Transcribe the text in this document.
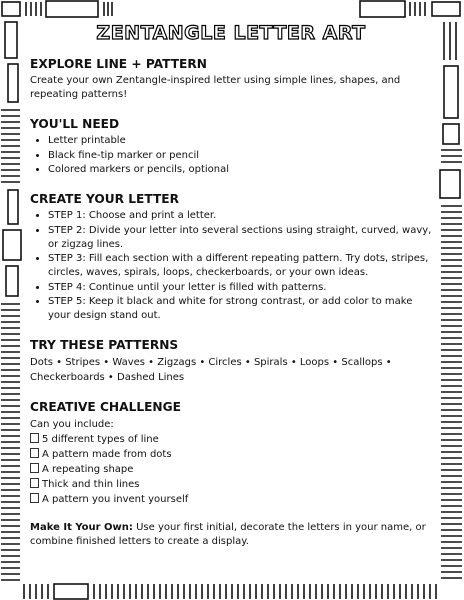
ZENTANGLE LETTER ART
EXPLORE LINE + PATTERN

Create your own Zentangle-inspired letter using simple lines, shapes, and repeating patterns!

YOU'LL NEED
• Letter printable
• Black fine-tip marker or pencil
• Colored markers or pencils, optional
CREATE YOUR LETTER
• STEP 1: Choose and print a letter.
• STEP 2: Divide your letter into several sections using straight, curved, wavy, or zigzag lines.
• STEP 3: Fill each section with a different repeating pattern. Try dots, stripes, circles, waves, spirals, loops, checkerboards, or your own ideas.
• STEP 4: Continue until your letter is filled with patterns.
• STEP 5: Keep it black and white for strong contrast, or add color to make your design stand out.
TRY THESE PATTERNS

Dots • Stripes • Waves • Zigzags • Circles • Spirals • Loops • Scallops • Checkerboards • Dashed Lines

CREATIVE CHALLENGE
Can you include:
5 different types of line
A pattern made from dots
A repeating shape
Thick and thin lines
A pattern you invent yourself

Make It Your Own: Use your first initial, decorate the letters in your name, or combine finished letters to create a display.
